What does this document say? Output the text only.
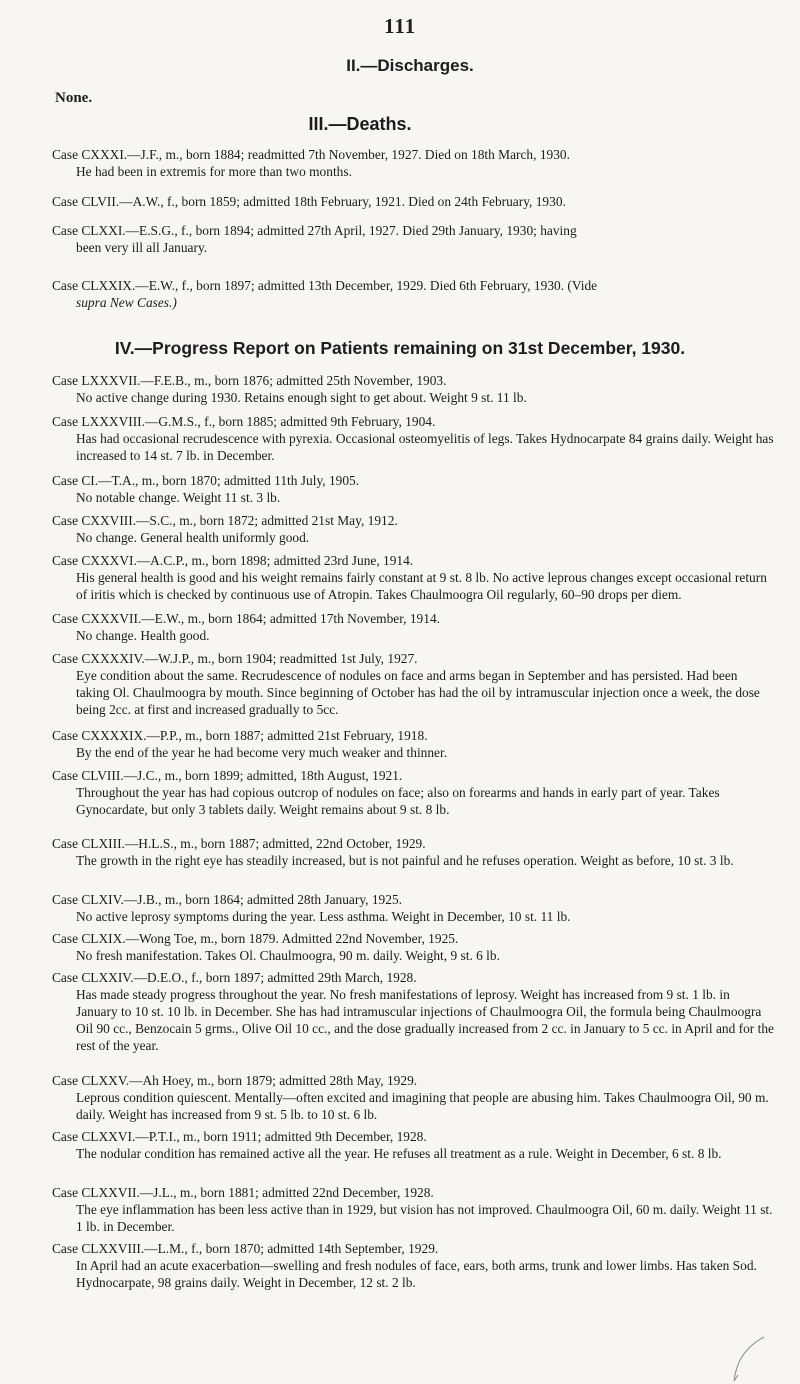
111
II.—Discharges.
None.
III.—Deaths.
Case CXXXI.—J.F., m., born 1884; readmitted 7th November, 1927. Died on 18th March, 1930.
He had been in extremis for more than two months.
Case CLVII.—A.W., f., born 1859; admitted 18th February, 1921. Died on 24th February, 1930.
Case CLXXI.—E.S.G., f., born 1894; admitted 27th April, 1927. Died 29th January, 1930; having
been very ill all January.
Case CLXXIX.—E.W., f., born 1897; admitted 13th December, 1929. Died 6th February, 1930. (Vide
supra New Cases.)
IV.—Progress Report on Patients remaining on 31st December, 1930.
Case LXXXVII.—F.E.B., m., born 1876; admitted 25th November, 1903.
No active change during 1930. Retains enough sight to get about. Weight 9 st. 11 lb.
Case LXXXVIII.—G.M.S., f., born 1885; admitted 9th February, 1904.
Has had occasional recrudescence with pyrexia. Occasional osteomyelitis of legs. Takes Hydnocarpate 84 grains daily. Weight has increased to 14 st. 7 lb. in December.
Case CI.—T.A., m., born 1870; admitted 11th July, 1905.
No notable change. Weight 11 st. 3 lb.
Case CXXVIII.—S.C., m., born 1872; admitted 21st May, 1912.
No change. General health uniformly good.
Case CXXXVI.—A.C.P., m., born 1898; admitted 23rd June, 1914.
His general health is good and his weight remains fairly constant at 9 st. 8 lb. No active leprous changes except occasional return of iritis which is checked by continuous use of Atropin. Takes Chaulmoogra Oil regularly, 60–90 drops per diem.
Case CXXXVII.—E.W., m., born 1864; admitted 17th November, 1914.
No change. Health good.
Case CXXXXIV.—W.J.P., m., born 1904; readmitted 1st July, 1927.
Eye condition about the same. Recrudescence of nodules on face and arms began in September and has persisted. Had been taking Ol. Chaulmoogra by mouth. Since beginning of October has had the oil by intramuscular injection once a week, the dose being 2cc. at first and increased gradually to 5cc.
Case CXXXXIX.—P.P., m., born 1887; admitted 21st February, 1918.
By the end of the year he had become very much weaker and thinner.
Case CLVIII.—J.C., m., born 1899; admitted, 18th August, 1921.
Throughout the year has had copious outcrop of nodules on face; also on forearms and hands in early part of year. Takes Gynocardate, but only 3 tablets daily. Weight remains about 9 st. 8 lb.
Case CLXIII.—H.L.S., m., born 1887; admitted, 22nd October, 1929.
The growth in the right eye has steadily increased, but is not painful and he refuses operation. Weight as before, 10 st. 3 lb.
Case CLXIV.—J.B., m., born 1864; admitted 28th January, 1925.
No active leprosy symptoms during the year. Less asthma. Weight in December, 10 st. 11 lb.
Case CLXIX.—Wong Toe, m., born 1879. Admitted 22nd November, 1925.
No fresh manifestation. Takes Ol. Chaulmoogra, 90 m. daily. Weight, 9 st. 6 lb.
Case CLXXIV.—D.E.O., f., born 1897; admitted 29th March, 1928.
Has made steady progress throughout the year. No fresh manifestations of leprosy. Weight has increased from 9 st. 1 lb. in January to 10 st. 10 lb. in December. She has had intramuscular injections of Chaulmoogra Oil, the formula being Chaulmoogra Oil 90 cc., Benzocain 5 grms., Olive Oil 10 cc., and the dose gradually increased from 2 cc. in January to 5 cc. in April and for the rest of the year.
Case CLXXV.—Ah Hoey, m., born 1879; admitted 28th May, 1929.
Leprous condition quiescent. Mentally—often excited and imagining that people are abusing him. Takes Chaulmoogra Oil, 90 m. daily. Weight has increased from 9 st. 5 lb. to 10 st. 6 lb.
Case CLXXVI.—P.T.I., m., born 1911; admitted 9th December, 1928.
The nodular condition has remained active all the year. He refuses all treatment as a rule. Weight in December, 6 st. 8 lb.
Case CLXXVII.—J.L., m., born 1881; admitted 22nd December, 1928.
The eye inflammation has been less active than in 1929, but vision has not improved. Chaulmoogra Oil, 60 m. daily. Weight 11 st. 1 lb. in December.
Case CLXXVIII.—L.M., f., born 1870; admitted 14th September, 1929.
In April had an acute exacerbation—swelling and fresh nodules of face, ears, both arms, trunk and lower limbs. Has taken Sod. Hydnocarpate, 98 grains daily. Weight in December, 12 st. 2 lb.
